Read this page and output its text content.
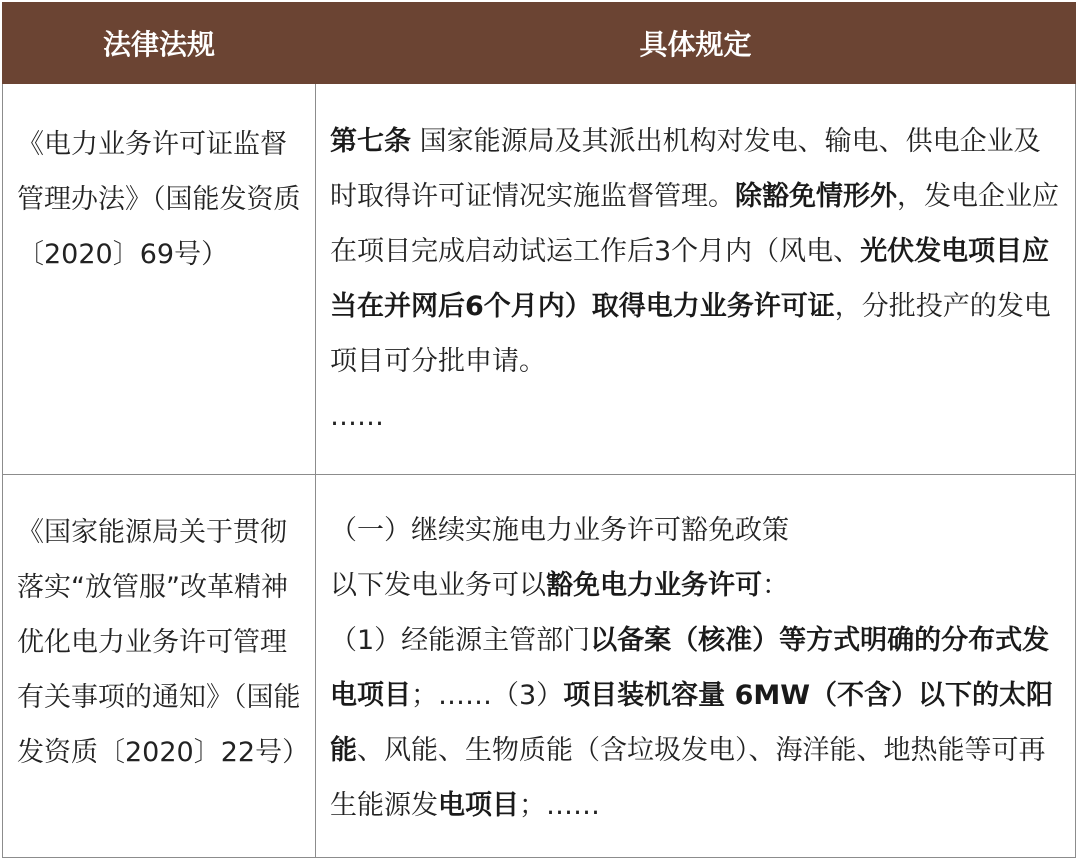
法律法规	具体规定
《电力业务许可证监督管理办法》（国能发资质〔2020〕69号）	第七条 国家能源局及其派出机构对发电、输电、供电企业及时取得许可证情况实施监督管理。除豁免情形外，发电企业应在项目完成启动试运工作后3个月内（风电、光伏发电项目应当在并网后6个月内）取得电力业务许可证，分批投产的发电项目可分批申请。

……

《国家能源局关于贯彻落实“放管服”改革精神优化电力业务许可管理有关事项的通知》（国能发资质〔2020〕22号）	（一）继续实施电力业务许可豁免政策

以下发电业务可以豁免电力业务许可：

（1）经能源主管部门以备案（核准）等方式明确的分布式发电项目；……（3）项目装机容量 6MW（不含）以下的太阳能、风能、生物质能（含垃圾发电）、海洋能、地热能等可再生能源发电项目；……
